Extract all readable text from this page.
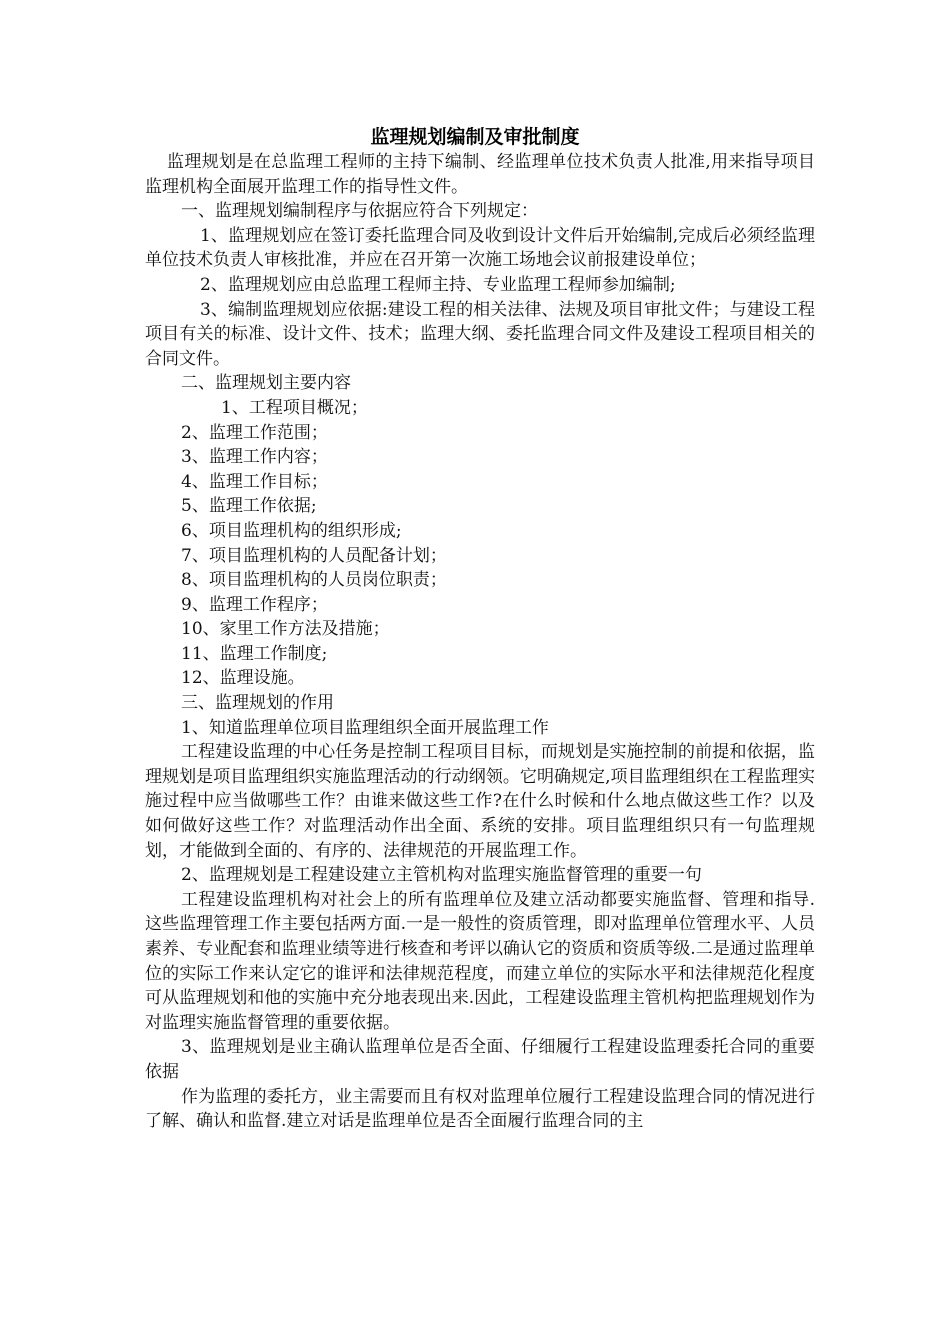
监理规划编制及审批制度

监理规划是在总监理工程师的主持下编制、经监理单位技术负责人批准,用来指导项目监理机构全面展开监理工作的指导性文件。

一、监理规划编制程序与依据应符合下列规定：

1、监理规划应在签订委托监理合同及收到设计文件后开始编制,完成后必须经监理单位技术负责人审核批准，并应在召开第一次施工场地会议前报建设单位；

2、监理规划应由总监理工程师主持、专业监理工程师参加编制;

3、编制监理规划应依据:建设工程的相关法律、法规及项目审批文件；与建设工程项目有关的标准、设计文件、技术；监理大纲、委托监理合同文件及建设工程项目相关的合同文件。

二、监理规划主要内容

1、工程项目概况；

2、监理工作范围；

3、监理工作内容；

4、监理工作目标；

5、监理工作依据;

6、项目监理机构的组织形成;

7、项目监理机构的人员配备计划；

8、项目监理机构的人员岗位职责；

9、监理工作程序；

10、家里工作方法及措施；

11、监理工作制度;

12、监理设施。

三、监理规划的作用

1、知道监理单位项目监理组织全面开展监理工作

工程建设监理的中心任务是控制工程项目目标，而规划是实施控制的前提和依据，监理规划是项目监理组织实施监理活动的行动纲领。它明确规定,项目监理组织在工程监理实施过程中应当做哪些工作？由谁来做这些工作?在什么时候和什么地点做这些工作？以及如何做好这些工作？对监理活动作出全面、系统的安排。项目监理组织只有一句监理规划，才能做到全面的、有序的、法律规范的开展监理工作。

2、监理规划是工程建设建立主管机构对监理实施监督管理的重要一句

工程建设监理机构对社会上的所有监理单位及建立活动都要实施监督、管理和指导.这些监理管理工作主要包括两方面.一是一般性的资质管理，即对监理单位管理水平、人员素养、专业配套和监理业绩等进行核查和考评以确认它的资质和资质等级.二是通过监理单位的实际工作来认定它的谁评和法律规范程度，而建立单位的实际水平和法律规范化程度可从监理规划和他的实施中充分地表现出来.因此，工程建设监理主管机构把监理规划作为对监理实施监督管理的重要依据。

3、监理规划是业主确认监理单位是否全面、仔细履行工程建设监理委托合同的重要依据

作为监理的委托方，业主需要而且有权对监理单位履行工程建设监理合同的情况进行了解、确认和监督.建立对话是监理单位是否全面履行监理合同的主
